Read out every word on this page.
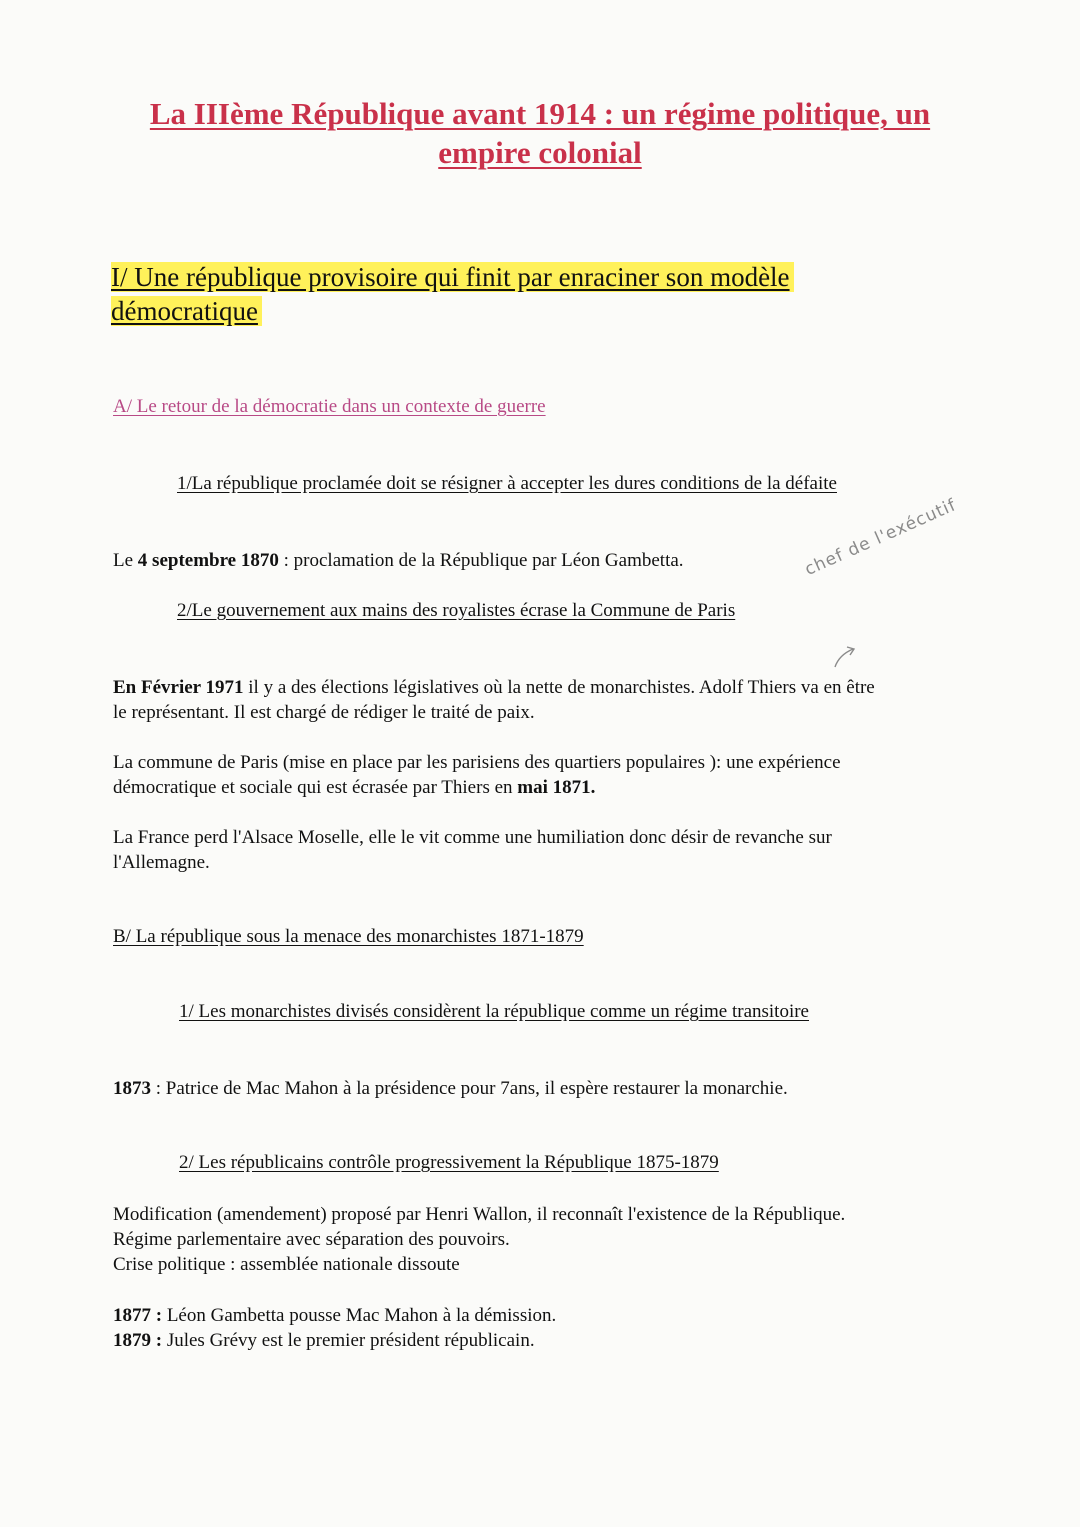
La IIIème République avant 1914 : un régime politique, un
empire colonial
I/ Une république provisoire qui finit par enraciner son modèle
démocratique
A/ Le retour de la démocratie dans un contexte de guerre
1/La république proclamée doit se résigner à accepter les dures conditions de la défaite
Le 4 septembre 1870 : proclamation de la République par Léon Gambetta.
2/Le gouvernement aux mains des royalistes écrase la Commune de Paris
chef de l'exécutif
En Février 1971 il y a des élections législatives où la nette de monarchistes. Adolf Thiers va en être
le représentant. Il est chargé de rédiger le traité de paix.
La commune de Paris (mise en place par les parisiens des quartiers populaires ): une expérience
démocratique et sociale qui est écrasée par Thiers en mai 1871.
La France perd l'Alsace Moselle, elle le vit comme une humiliation donc désir de revanche sur
l'Allemagne.
B/ La république sous la menace des monarchistes 1871-1879
1/ Les monarchistes divisés considèrent la république comme un régime transitoire
1873 : Patrice de Mac Mahon à la présidence pour 7ans, il espère restaurer la monarchie.
2/ Les républicains contrôle progressivement la République 1875-1879
Modification (amendement) proposé par Henri Wallon, il reconnaît l'existence de la République.
Régime parlementaire avec séparation des pouvoirs.
Crise politique : assemblée nationale dissoute
1877 : Léon Gambetta pousse Mac Mahon à la démission.
1879 : Jules Grévy est le premier président républicain.
